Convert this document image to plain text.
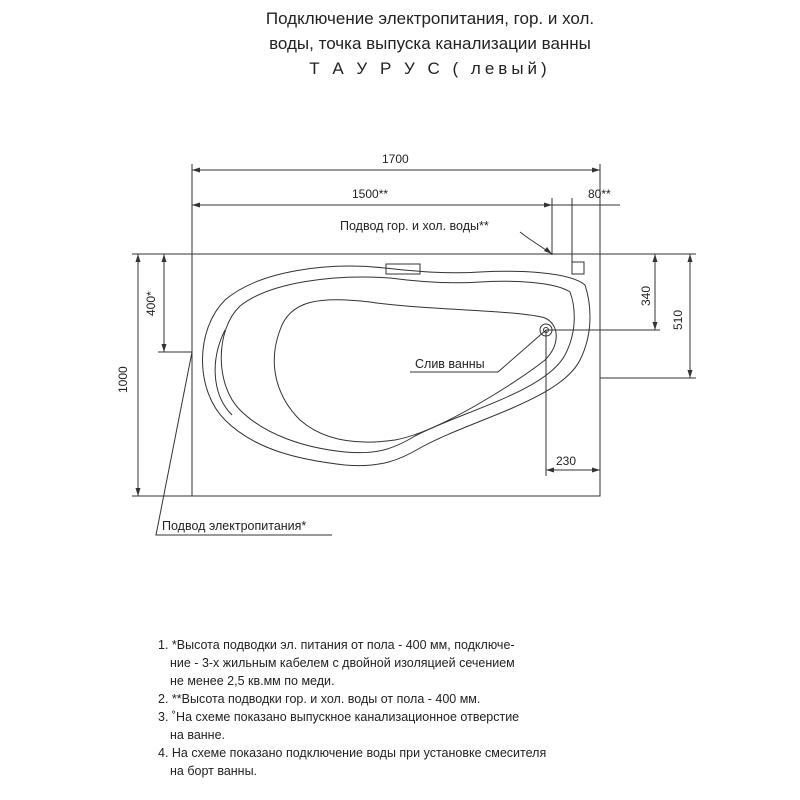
Подключение электропитания, гор. и хол.
воды, точка выпуска канализации ванны
Т А У Р У С ( левый)
1700
1500**	80**
1000
400*	340
510
230
Подвод гор. и хол. воды**
Слив ванны
Подвод электропитания*
1. *Высота подводки эл. питания от пола - 400 мм, подключе-
ние - 3-х жильным кабелем с двойной изоляцией сечением
не менее 2,5 кв.мм по меди.
2. **Высота подводки гор. и хол. воды от пола - 400 мм.
3. ˚На схеме показано выпускное канализационное отверстие
на ванне.
4. На схеме показано подключение воды при установке смесителя
на борт ванны.
